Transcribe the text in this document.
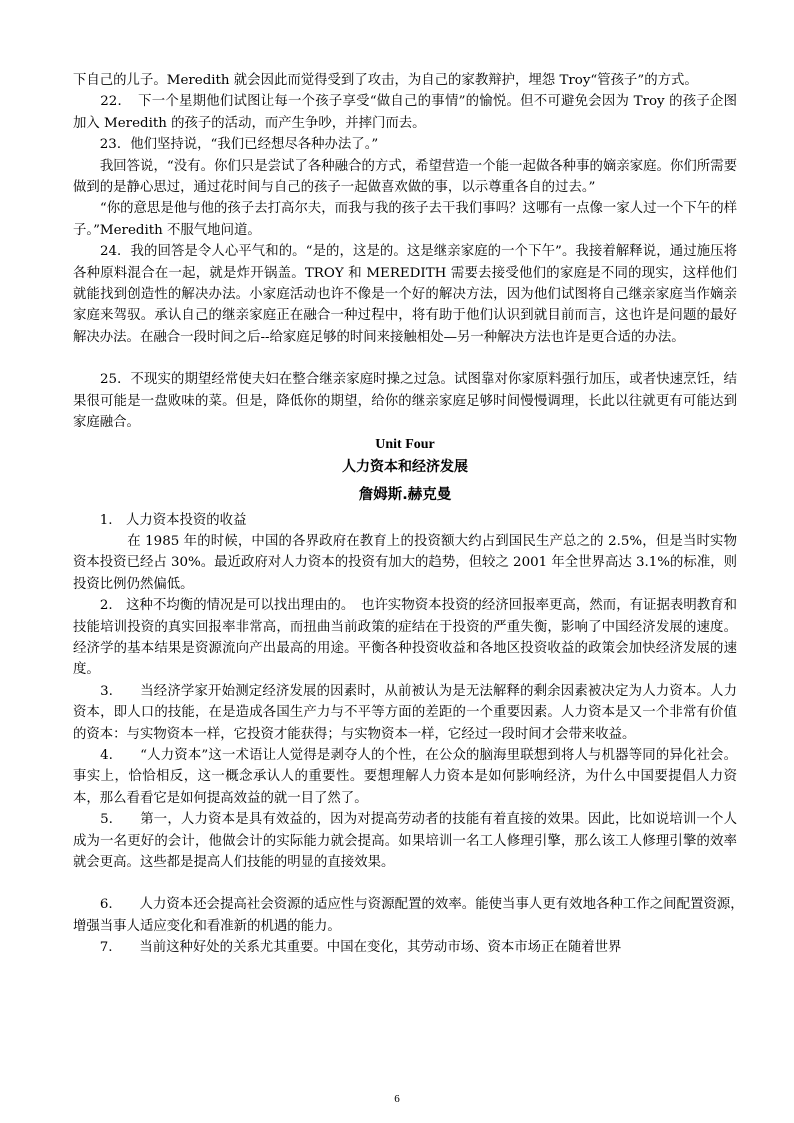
下自己的儿子。Meredith 就会因此而觉得受到了攻击，为自己的家教辩护，埋怨 Troy“管孩子”的方式。

　　22．　下一个星期他们试图让每一个孩子享受“做自己的事情”的愉悦。但不可避免会因为 Troy 的孩子企图加入 Meredith 的孩子的活动，而产生争吵，并摔门而去。

　　23．他们坚持说，“我们已经想尽各种办法了。”

　　我回答说，“没有。你们只是尝试了各种融合的方式，希望营造一个能一起做各种事的嫡亲家庭。你们所需要做到的是静心思过，通过花时间与自己的孩子一起做喜欢做的事，以示尊重各自的过去。”

　　“你的意思是他与他的孩子去打高尔夫，而我与我的孩子去干我们事吗？这哪有一点像一家人过一个下午的样子。”Meredith 不服气地问道。

　　24．我的回答是令人心平气和的。“是的，这是的。这是继亲家庭的一个下午”。我接着解释说，通过施压将各种原料混合在一起，就是炸开锅盖。TROY 和 MEREDITH 需要去接受他们的家庭是不同的现实，这样他们就能找到创造性的解决办法。小家庭活动也许不像是一个好的解决方法，因为他们试图将自己继亲家庭当作嫡亲家庭来驾驭。承认自己的继亲家庭正在融合一种过程中，将有助于他们认识到就目前而言，这也许是问题的最好解决办法。在融合一段时间之后--给家庭足够的时间来接触相处—另一种解决方法也许是更合适的办法。

　　25．不现实的期望经常使夫妇在整合继亲家庭时操之过急。试图靠对你家原料强行加压，或者快速烹饪，结果很可能是一盘败味的菜。但是，降低你的期望，给你的继亲家庭足够时间慢慢调理，长此以往就更有可能达到家庭融合。

Unit Four

人力资本和经济发展

詹姆斯.赫克曼

　　1.　人力资本投资的收益

　　　　在 1985 年的时候，中国的各界政府在教育上的投资额大约占到国民生产总之的 2.5%，但是当时实物资本投资已经占 30%。最近政府对人力资本的投资有加大的趋势，但较之 2001 年全世界高达 3.1%的标准，则投资比例仍然偏低。

　　2.　这种不均衡的情况是可以找出理由的。　也许实物资本投资的经济回报率更高，然而，有证据表明教育和技能培训投资的真实回报率非常高，而扭曲当前政策的症结在于投资的严重失衡，影响了中国经济发展的速度。经济学的基本结果是资源流向产出最高的用途。平衡各种投资收益和各地区投资收益的政策会加快经济发展的速度。

　　3.　　当经济学家开始测定经济发展的因素时，从前被认为是无法解释的剩余因素被决定为人力资本。人力资本，即人口的技能，在是造成各国生产力与不平等方面的差距的一个重要因素。人力资本是又一个非常有价值的资本：与实物资本一样，它投资才能获得；与实物资本一样，它经过一段时间才会带来收益。

　　4.　　“人力资本”这一术语让人觉得是剥夺人的个性，在公众的脑海里联想到将人与机器等同的异化社会。事实上，恰恰相反，这一概念承认人的重要性。要想理解人力资本是如何影响经济，为什么中国要提倡人力资本，那么看看它是如何提高效益的就一目了然了。

　　5.　　第一，人力资本是具有效益的，因为对提高劳动者的技能有着直接的效果。因此，比如说培训一个人成为一名更好的会计，他做会计的实际能力就会提高。如果培训一名工人修理引擎，那么该工人修理引擎的效率就会更高。这些都是提高人们技能的明显的直接效果。

　　6.　　人力资本还会提高社会资源的适应性与资源配置的效率。能使当事人更有效地各种工作之间配置资源，　增强当事人适应变化和看准新的机遇的能力。

　　7.　　当前这种好处的关系尤其重要。中国在变化，其劳动市场、资本市场正在随着世界

6
